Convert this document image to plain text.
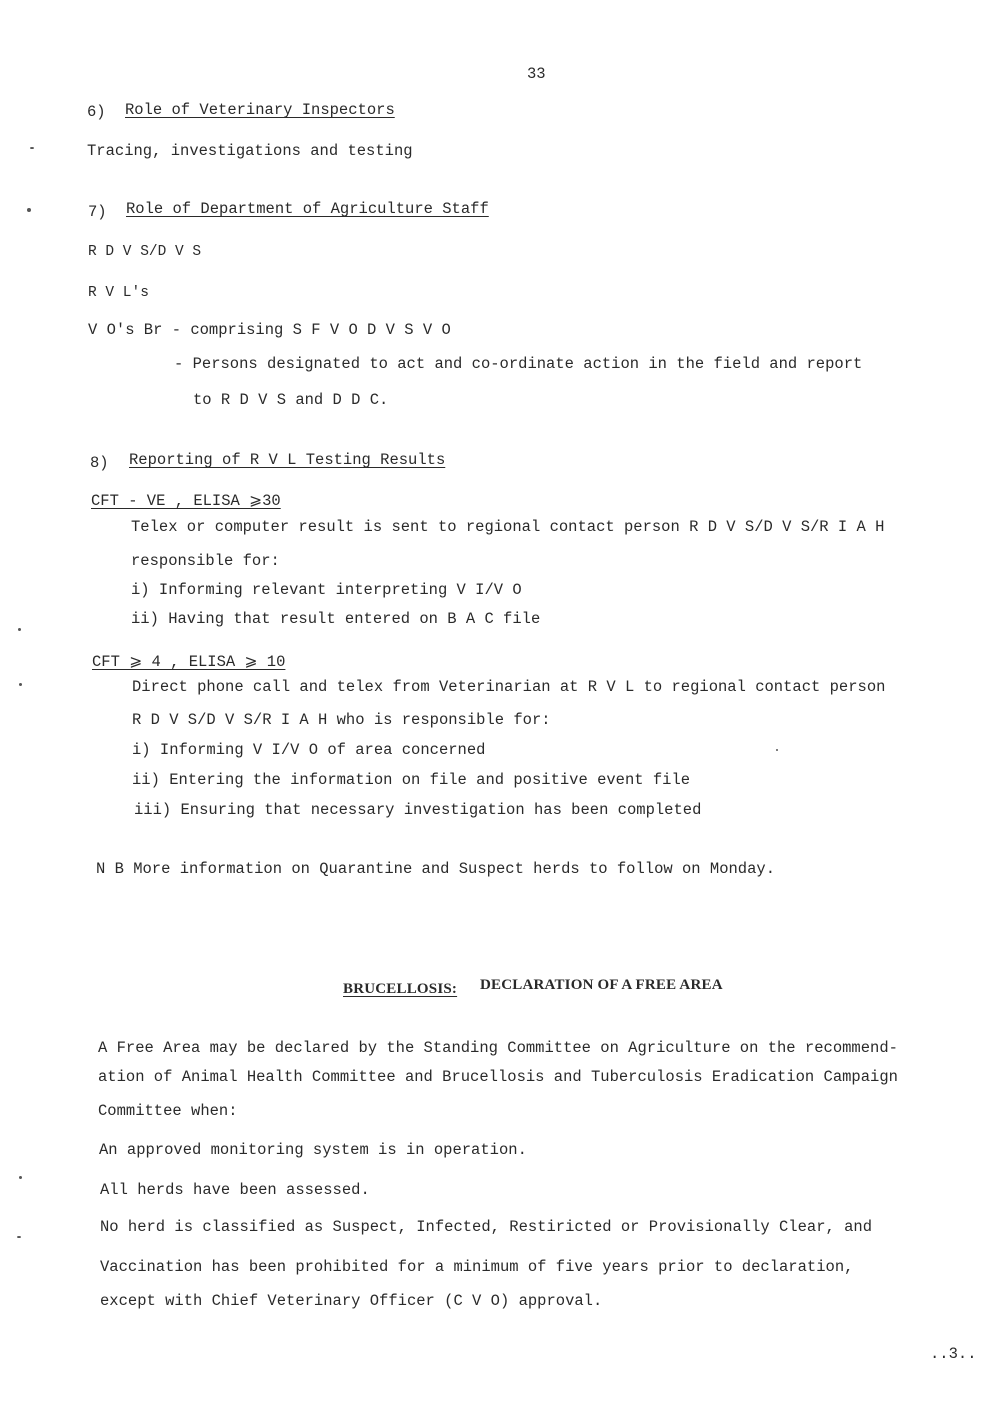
33
6) Role of Veterinary Inspectors
Tracing, investigations and testing
7) Role of Department of Agriculture Staff
R D V S/D V S
R V L's
V O's Br - comprising S F V O D V S V O
- Persons designated to act and co-ordinate action in the field and report
to R D V S and D D C.
8) Reporting of R V L Testing Results
CFT - VE , ELISA ⩾30
Telex or computer result is sent to regional contact person R D V S/D V S/R I A H
responsible for:
i) Informing relevant interpreting V I/V O
ii) Having that result entered on B A C file
CFT ⩾ 4 , ELISA ⩾ 10
Direct phone call and telex from Veterinarian at R V L to regional contact person
R D V S/D V S/R I A H who is responsible for:
i) Informing V I/V O of area concerned
ii) Entering the information on file and positive event file
iii) Ensuring that necessary investigation has been completed
N B More information on Quarantine and Suspect herds to follow on Monday.
BRUCELLOSIS: DECLARATION OF A FREE AREA
A Free Area may be declared by the Standing Committee on Agriculture on the recommend-
ation of Animal Health Committee and Brucellosis and Tuberculosis Eradication Campaign
Committee when:
An approved monitoring system is in operation.
All herds have been assessed.
No herd is classified as Suspect, Infected, Restiricted or Provisionally Clear, and
Vaccination has been prohibited for a minimum of five years prior to declaration,
except with Chief Veterinary Officer (C V O) approval.
..3..
